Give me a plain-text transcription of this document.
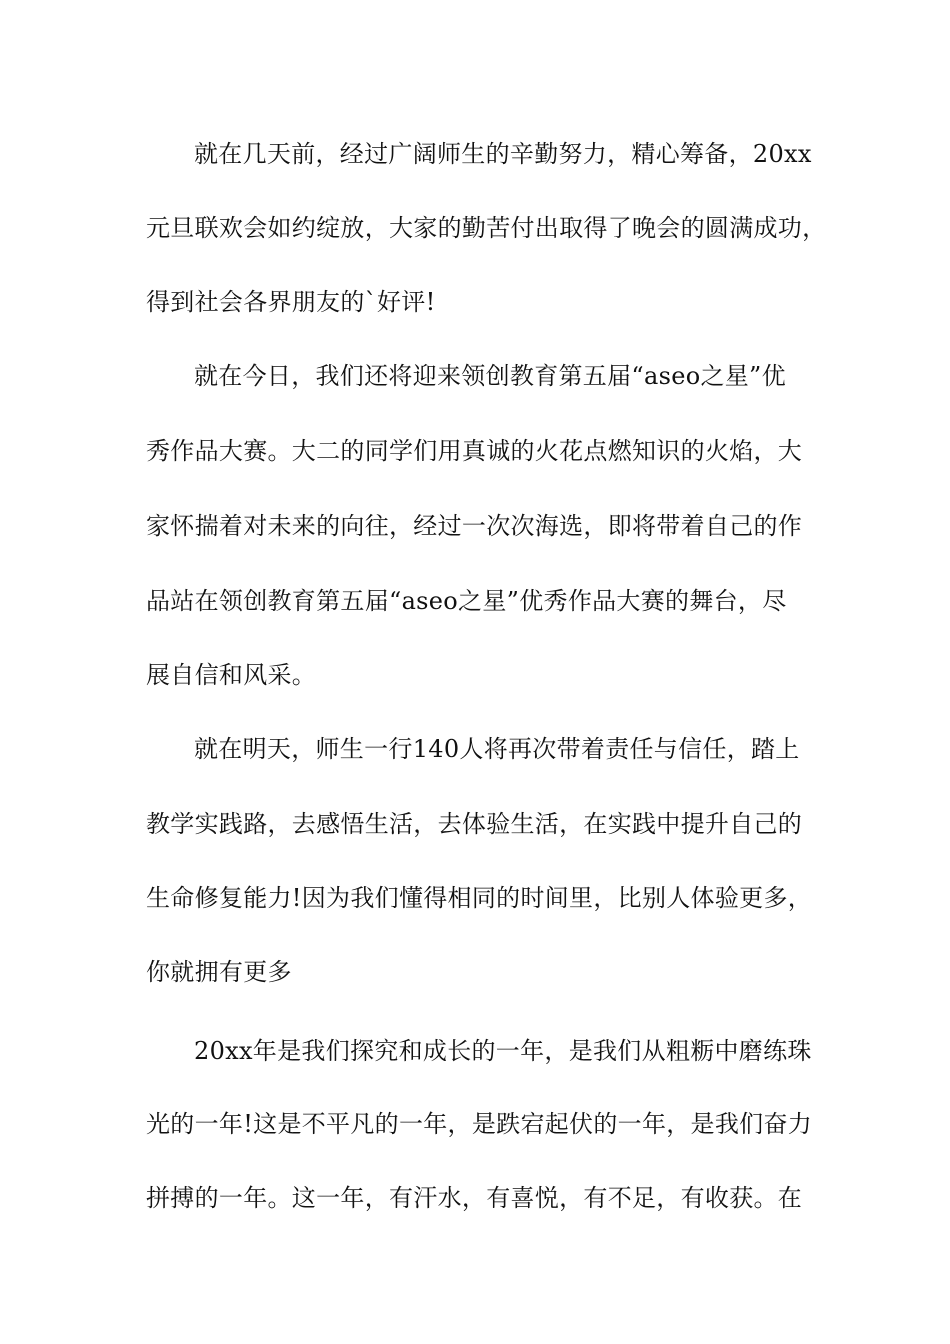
就在几天前，经过广阔师生的辛勤努力，精心筹备，20xx
元旦联欢会如约绽放，大家的勤苦付出取得了晚会的圆满成功，
得到社会各界朋友的`好评!
就在今日，我们还将迎来领创教育第五届“aseo之星”优
秀作品大赛。大二的同学们用真诚的火花点燃知识的火焰，大
家怀揣着对未来的向往，经过一次次海选，即将带着自己的作
品站在领创教育第五届“aseo之星”优秀作品大赛的舞台，尽
展自信和风采。
就在明天，师生一行140人将再次带着责任与信任，踏上
教学实践路，去感悟生活，去体验生活，在实践中提升自己的
生命修复能力!因为我们懂得相同的时间里，比别人体验更多，
你就拥有更多
20xx年是我们探究和成长的一年，是我们从粗粝中磨练珠
光的一年!这是不平凡的一年，是跌宕起伏的一年，是我们奋力
拼搏的一年。这一年，有汗水，有喜悦，有不足，有收获。在
